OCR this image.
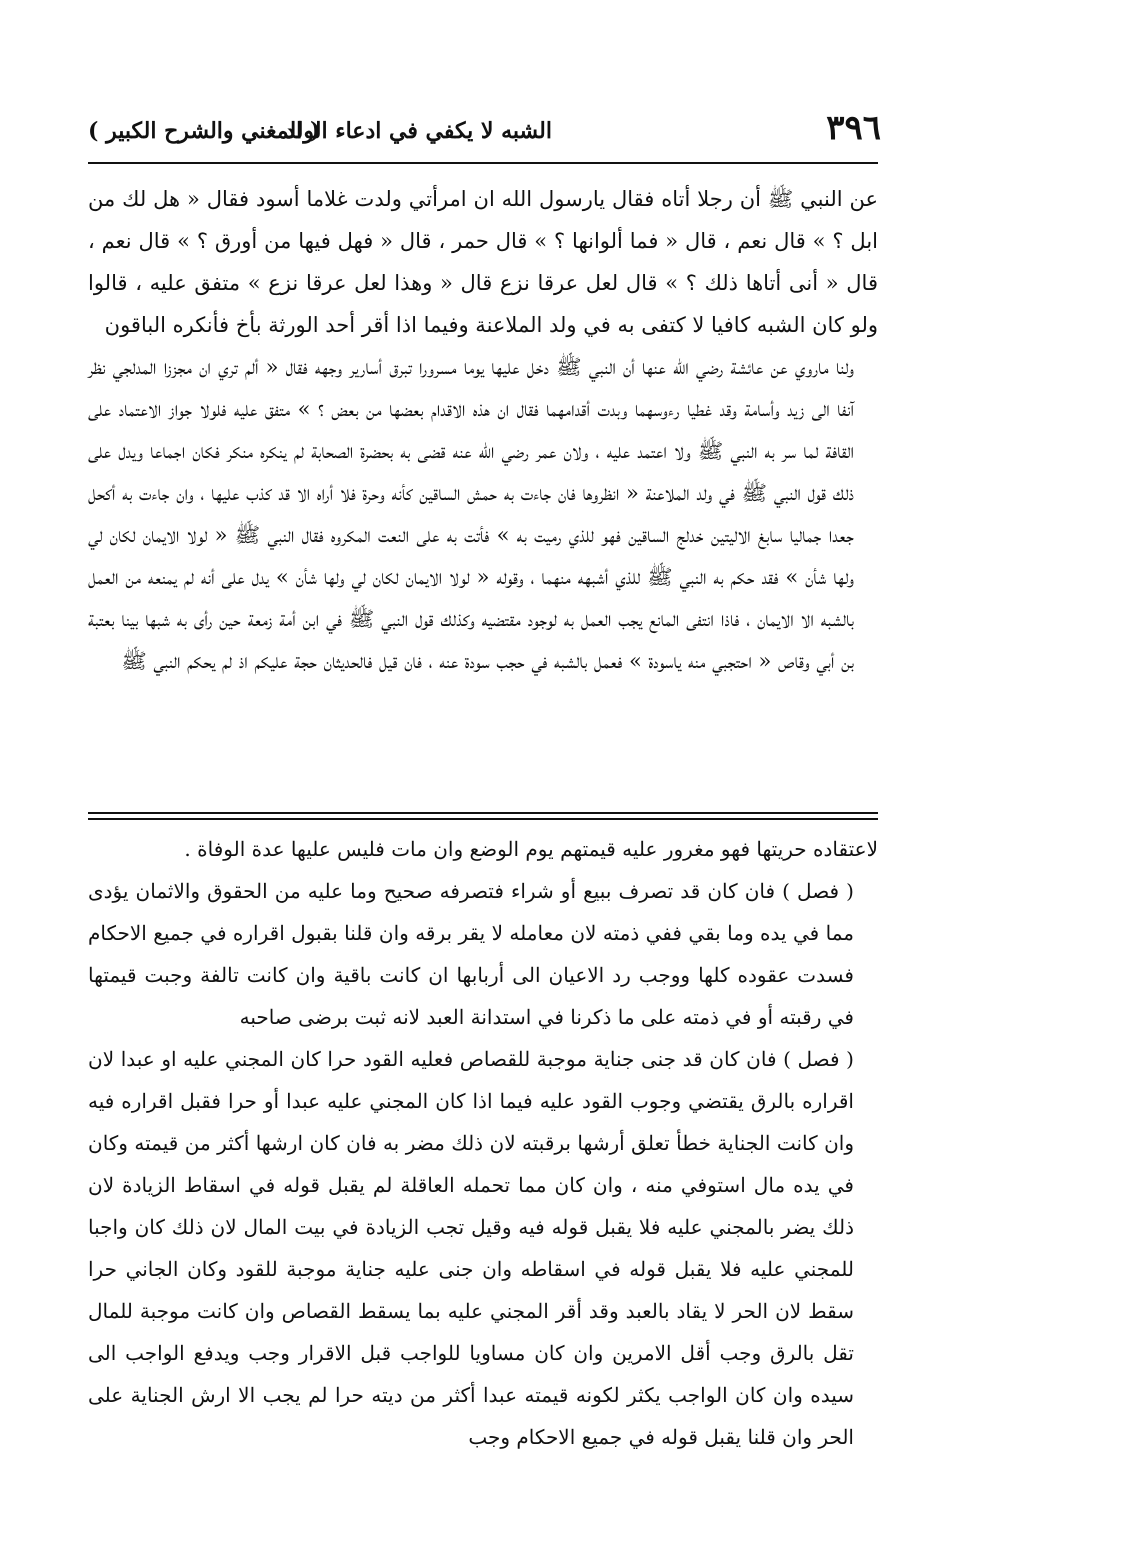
٣٩٦
الشبه لا يكفي في ادعاء الولد
( المغني والشرح الكبير )

عن النبي ﷺ أن رجلا أتاه فقال يارسول الله ان امرأتي ولدت غلاما أسود فقال « هل لك من ابل ؟ » قال نعم ، قال « فما ألوانها ؟ » قال حمر ، قال « فهل فيها من أورق ؟ » قال نعم ، قال « أنى أتاها ذلك ؟ » قال لعل عرقا نزع قال « وهذا لعل عرقا نزع » متفق عليه ، قالوا ولو كان الشبه كافيا لا كتفى به في ولد الملاعنة وفيما اذا أقر أحد الورثة بأخ فأنكره الباقون

ولنا ماروي عن عائشة رضي الله عنها أن النبي ﷺ دخل عليها يوما مسرورا تبرق أسارير وجهه فقال « ألم تري ان مجززا المدلجي نظر آنفا الى زيد وأسامة وقد غطيا رءوسهما وبدت أقدامهما فقال ان هذه الاقدام بعضها من بعض ؟ » متفق عليه فلولا جواز الاعتماد على القافة لما سر به النبي ﷺ ولا اعتمد عليه ، ولان عمر رضي الله عنه قضى به بحضرة الصحابة لم ينكره منكر فكان اجماعا ويدل على ذلك قول النبي ﷺ في ولد الملاعنة « انظروها فان جاءت به حمش الساقين كأنه وحرة فلا أراه الا قد كذب عليها ، وان جاءت به أكحل جعدا جماليا سابغ الاليتين خدلج الساقين فهو للذي رميت به » فأتت به على النعت المكروه فقال النبي ﷺ « لولا الايمان لكان لي ولها شأن » فقد حكم به النبي ﷺ للذي أشبهه منهما ، وقوله « لولا الايمان لكان لي ولها شأن » يدل على أنه لم يمنعه من العمل بالشبه الا الايمان ، فاذا انتفى المانع يجب العمل به لوجود مقتضيه وكذلك قول النبي ﷺ في ابن أمة زمعة حين رأى به شبها بينا بعتبة بن أبي وقاص « احتجبي منه ياسودة » فعمل بالشبه في حجب سودة عنه ، فان قيل فالحديثان حجة عليكم اذ لم يحكم النبي ﷺ

لاعتقاده حريتها فهو مغرور عليه قيمتهم يوم الوضع وان مات فليس عليها عدة الوفاة .

( فصل ) فان كان قد تصرف ببيع أو شراء فتصرفه صحيح وما عليه من الحقوق والاثمان يؤدى مما في يده وما بقي ففي ذمته لان معامله لا يقر برقه وان قلنا بقبول اقراره في جميع الاحكام فسدت عقوده كلها ووجب رد الاعيان الى أربابها ان كانت باقية وان كانت تالفة وجبت قيمتها في رقبته أو في ذمته على ما ذكرنا في استدانة العبد لانه ثبت برضى صاحبه

( فصل ) فان كان قد جنى جناية موجبة للقصاص فعليه القود حرا كان المجني عليه او عبدا لان اقراره بالرق يقتضي وجوب القود عليه فيما اذا كان المجني عليه عبدا أو حرا فقبل اقراره فيه وان كانت الجناية خطأ تعلق أرشها برقبته لان ذلك مضر به فان كان ارشها أكثر من قيمته وكان في يده مال استوفي منه ، وان كان مما تحمله العاقلة لم يقبل قوله في اسقاط الزيادة لان ذلك يضر بالمجني عليه فلا يقبل قوله فيه وقيل تجب الزيادة في بيت المال لان ذلك كان واجبا للمجني عليه فلا يقبل قوله في اسقاطه وان جنى عليه جناية موجبة للقود وكان الجاني حرا سقط لان الحر لا يقاد بالعبد وقد أقر المجني عليه بما يسقط القصاص وان كانت موجبة للمال تقل بالرق وجب أقل الامرين وان كان مساويا للواجب قبل الاقرار وجب ويدفع الواجب الى سيده وان كان الواجب يكثر لكونه قيمته عبدا أكثر من ديته حرا لم يجب الا ارش الجناية على الحر وان قلنا يقبل قوله في جميع الاحكام وجب
